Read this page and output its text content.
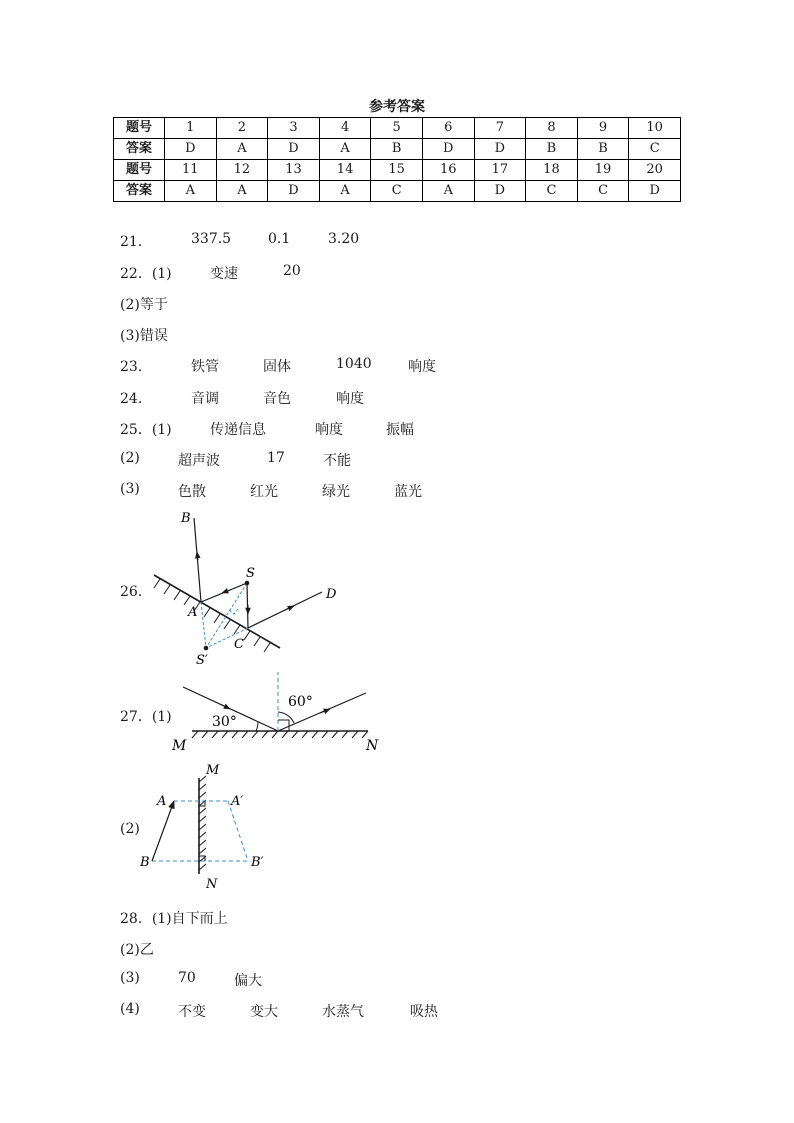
参考答案
题号	1	2	3	4	5	6	7	8	9	10
答案	D	A	D	A	B	D	D	B	B	C
题号	11	12	13	14	15	16	17	18	19	20
答案	A	A	D	A	C	A	D	C	C	D
21．	337.5	0.1	3.20
22．(1)	变速	20
(2)等于
(3)错误
23．	铁管	固体	1040	响度
24．	音调	音色	响度
25．(1)	传递信息	响度	振幅
(2)	超声波	17	不能
(3)	色散	红光	绿光	蓝光
26．
B
S
D
A
C
S′
27．(1)	30°
60°
M	N
(2)
M
N
A	A′
B	B′
28．(1)自下而上
(2)乙
(3)	70	偏大
(4)	不变	变大	水蒸气	吸热
